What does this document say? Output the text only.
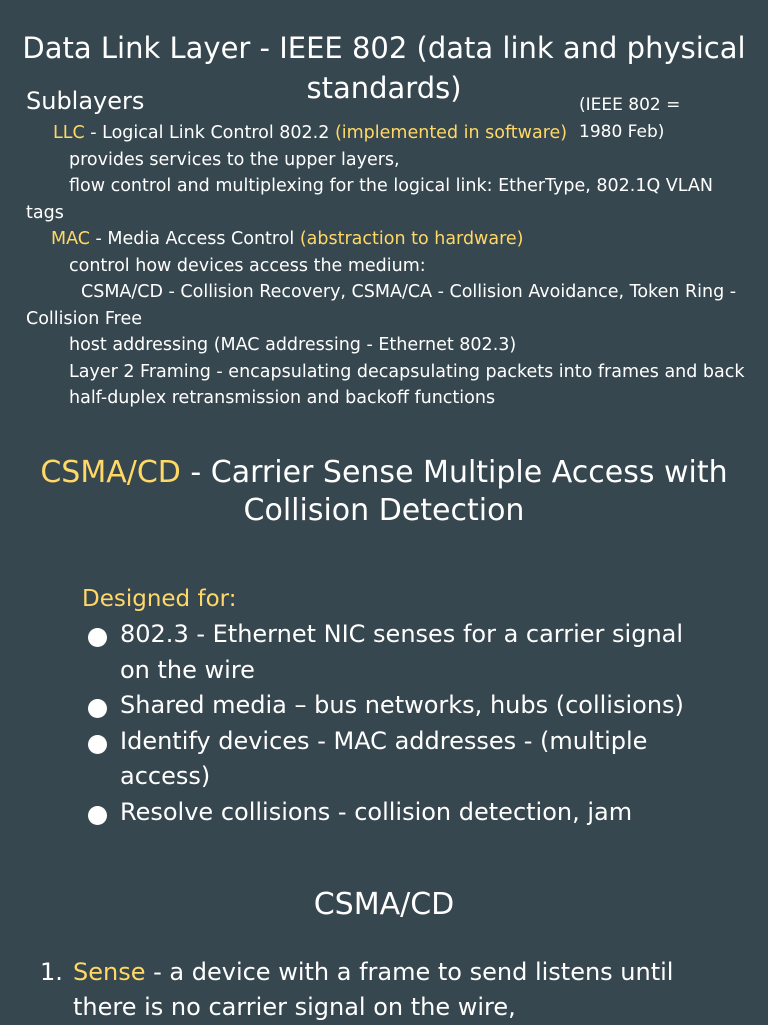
Data Link Layer - IEEE 802 (data link and physical standards)
Sublayers	(IEEE 802 = 1980 Feb)

LLC - Logical Link Control 802.2 (implemented in software)

provides services to the upper layers,

flow control and multiplexing for the logical link: EtherType, 802.1Q VLAN tags

MAC - Media Access Control (abstraction to hardware)

control how devices access the medium:

CSMA/CD - Collision Recovery, CSMA/CA - Collision Avoidance, Token Ring - Collision Free

host addressing (MAC addressing - Ethernet 802.3)

Layer 2 Framing - encapsulating decapsulating packets into frames and back

half-duplex retransmission and backoff functions

CSMA/CD - Carrier Sense Multiple Access with Collision Detection
Designed for:
802.3 - Ethernet NIC senses for a carrier signal on the wire
Shared media – bus networks, hubs (collisions)
Identify devices - MAC addresses - (multiple access)
Resolve collisions - collision detection, jam
CSMA/CD
1. Sense - a device with a frame to send listens until there is no carrier signal on the wire,
